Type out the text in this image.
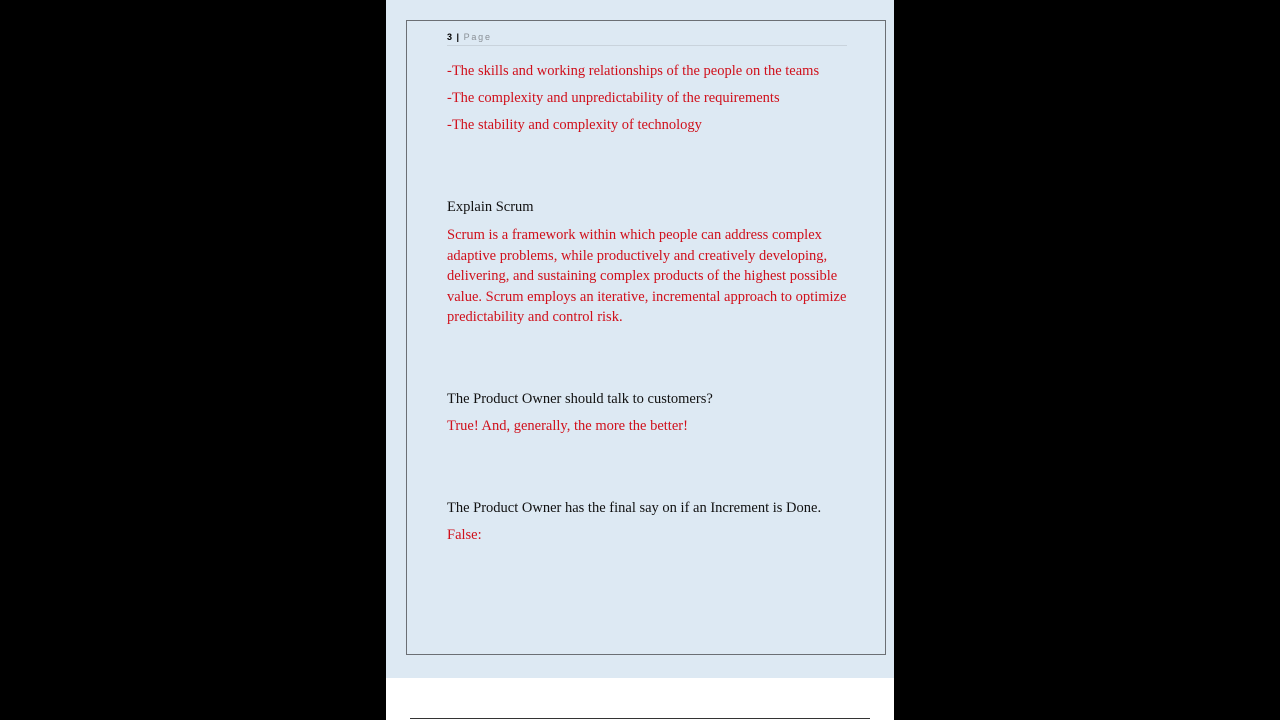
3 | Page

-The skills and working relationships of the people on the teams

-The complexity and unpredictability of the requirements

-The stability and complexity of technology

Explain Scrum

Scrum is a framework within which people can address complex adaptive problems, while productively and creatively developing, delivering, and sustaining complex products of the highest possible value. Scrum employs an iterative, incremental approach to optimize predictability and control risk.

The Product Owner should talk to customers?

True! And, generally, the more the better!

The Product Owner has the final say on if an Increment is Done.

False:
